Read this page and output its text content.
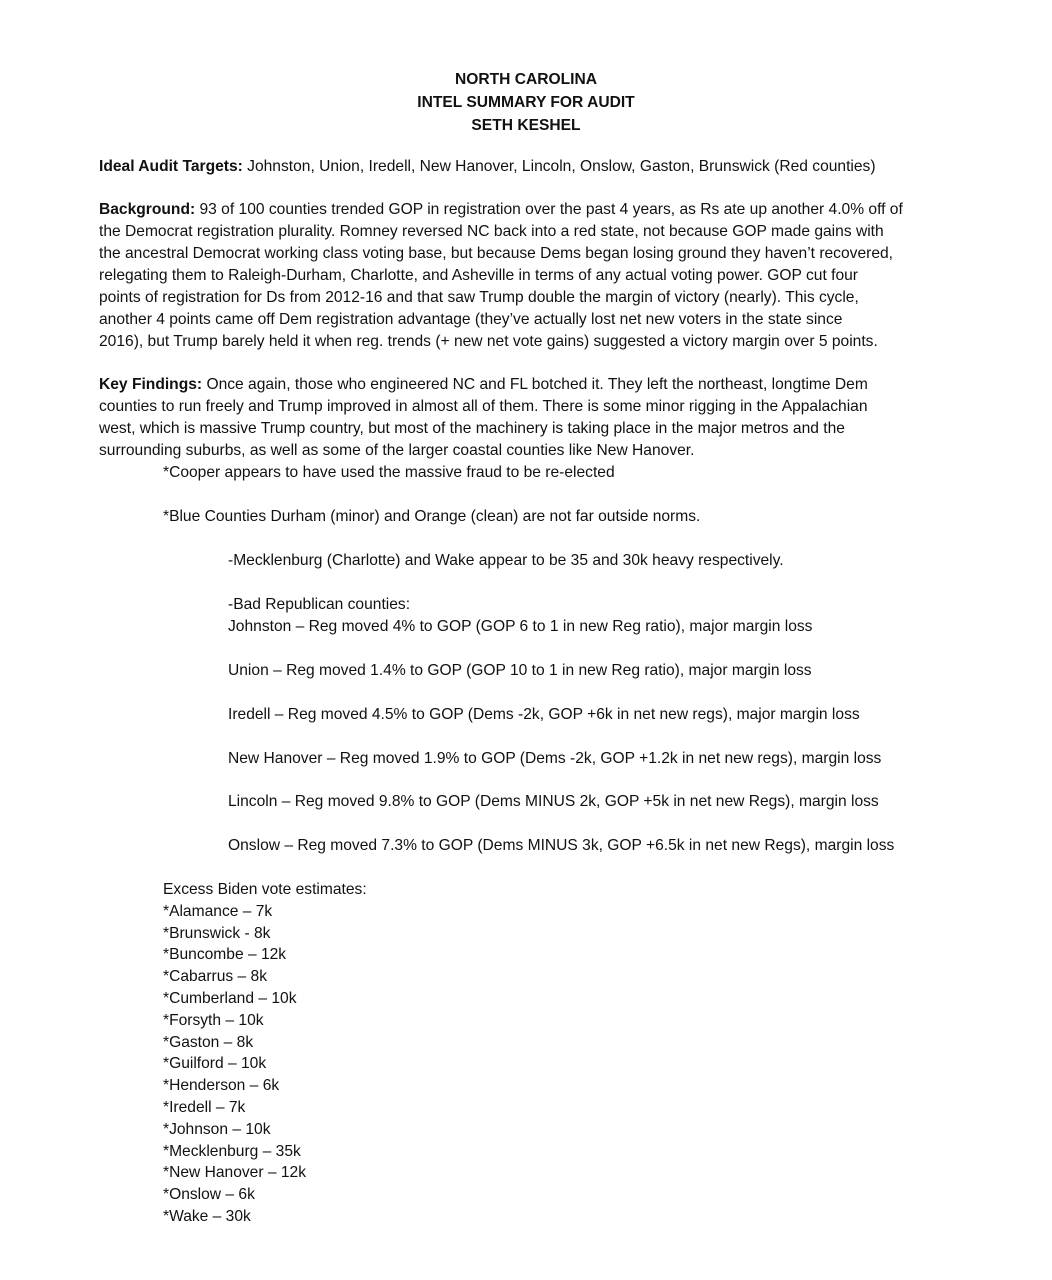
NORTH CAROLINA
INTEL SUMMARY FOR AUDIT
SETH KESHEL
Ideal Audit Targets: Johnston, Union, Iredell, New Hanover, Lincoln, Onslow, Gaston, Brunswick (Red counties)
Background: 93 of 100 counties trended GOP in registration over the past 4 years, as Rs ate up another 4.0% off of
the Democrat registration plurality. Romney reversed NC back into a red state, not because GOP made gains with
the ancestral Democrat working class voting base, but because Dems began losing ground they haven’t recovered,
relegating them to Raleigh-Durham, Charlotte, and Asheville in terms of any actual voting power. GOP cut four
points of registration for Ds from 2012-16 and that saw Trump double the margin of victory (nearly). This cycle,
another 4 points came off Dem registration advantage (they’ve actually lost net new voters in the state since
2016), but Trump barely held it when reg. trends (+ new net vote gains) suggested a victory margin over 5 points.
Key Findings: Once again, those who engineered NC and FL botched it. They left the northeast, longtime Dem
counties to run freely and Trump improved in almost all of them. There is some minor rigging in the Appalachian
west, which is massive Trump country, but most of the machinery is taking place in the major metros and the
surrounding suburbs, as well as some of the larger coastal counties like New Hanover.
*Cooper appears to have used the massive fraud to be re-elected
*Blue Counties Durham (minor) and Orange (clean) are not far outside norms.
-Mecklenburg (Charlotte) and Wake appear to be 35 and 30k heavy respectively.
-Bad Republican counties:
Johnston – Reg moved 4% to GOP (GOP 6 to 1 in new Reg ratio), major margin loss
Union – Reg moved 1.4% to GOP (GOP 10 to 1 in new Reg ratio), major margin loss
Iredell – Reg moved 4.5% to GOP (Dems -2k, GOP +6k in net new regs), major margin loss
New Hanover – Reg moved 1.9% to GOP (Dems -2k, GOP +1.2k in net new regs), margin loss
Lincoln – Reg moved 9.8% to GOP (Dems MINUS 2k, GOP +5k in net new Regs), margin loss
Onslow – Reg moved 7.3% to GOP (Dems MINUS 3k, GOP +6.5k in net new Regs), margin loss
Excess Biden vote estimates:
*Alamance – 7k
*Brunswick - 8k
*Buncombe – 12k
*Cabarrus – 8k
*Cumberland – 10k
*Forsyth – 10k
*Gaston – 8k
*Guilford – 10k
*Henderson – 6k
*Iredell – 7k
*Johnson – 10k
*Mecklenburg – 35k
*New Hanover – 12k
*Onslow – 6k
*Wake – 30k
